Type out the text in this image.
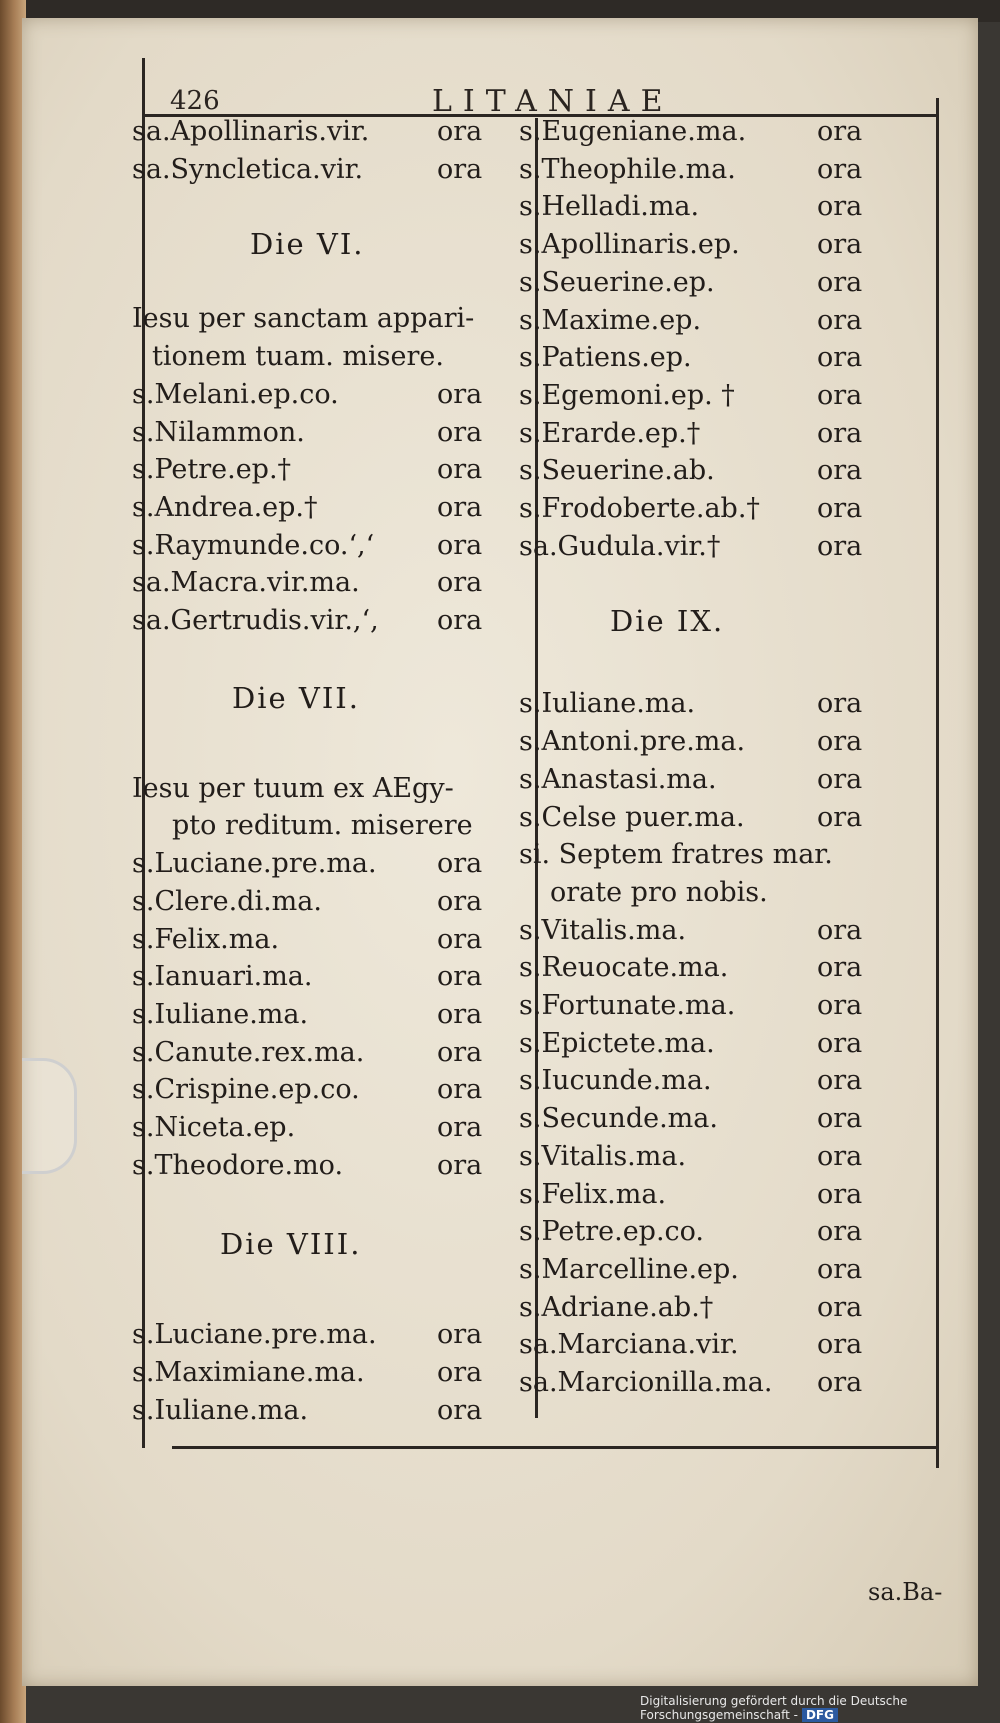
426	LITANIAE
sa.Apollinaris.vir.	ora
sa.Syncletica.vir.	ora
Die VI.
Iesu per sanctam appari-
tionem tuam. misere.
s.Melani.ep.co.	ora
s.Nilammon.	ora
s.Petre.ep.†	ora
s.Andrea.ep.†	ora
s.Raymunde.co.‘,‘ ora
sa.Macra.vir.ma.	ora
sa.Gertrudis.vir.,‘, ora
Die VII.
Iesu per tuum ex AEgy-
pto reditum. miserere
s.Luciane.pre.ma. ora
s.Clere.di.ma.	ora
s.Felix.ma.	ora
s.Ianuari.ma.	ora
s.Iuliane.ma.	ora
s.Canute.rex.ma.	ora
s.Crispine.ep.co.	ora
s.Niceta.ep.	ora
s.Theodore.mo.	ora
Die VIII.
s.Luciane.pre.ma. ora
s.Maximiane.ma.	ora
s.Iuliane.ma.	ora
s.Eugeniane.ma.	ora
s.Theophile.ma.	ora
s.Helladi.ma.	ora
s.Apollinaris.ep.	ora
s.Seuerine.ep.	ora
s.Maxime.ep.	ora
s.Patiens.ep.	ora
s.Egemoni.ep. †	ora
s.Erarde.ep.†	ora
s.Seuerine.ab.	ora
s.Frodoberte.ab.† ora
sa.Gudula.vir.†	ora
Die IX.
s.Iuliane.ma.	ora
s.Antoni.pre.ma.	ora
s.Anastasi.ma.	ora
s.Celse puer.ma.	ora
si. Septem fratres mar.
orate pro nobis.
s.Vitalis.ma.	ora
s.Reuocate.ma.	ora
s.Fortunate.ma.	ora
s.Epictete.ma.	ora
s.Iucunde.ma.	ora
s.Secunde.ma.	ora
s.Vitalis.ma.	ora
s.Felix.ma.	ora
s.Petre.ep.co.	ora
s.Marcelline.ep.	ora
s.Adriane.ab.†	ora
sa.Marciana.vir.	ora
sa.Marcionilla.ma. ora
sa.Ba-
Digitalisierung gefördert durch die Deutsche Forschungsgemeinschaft - DFG
